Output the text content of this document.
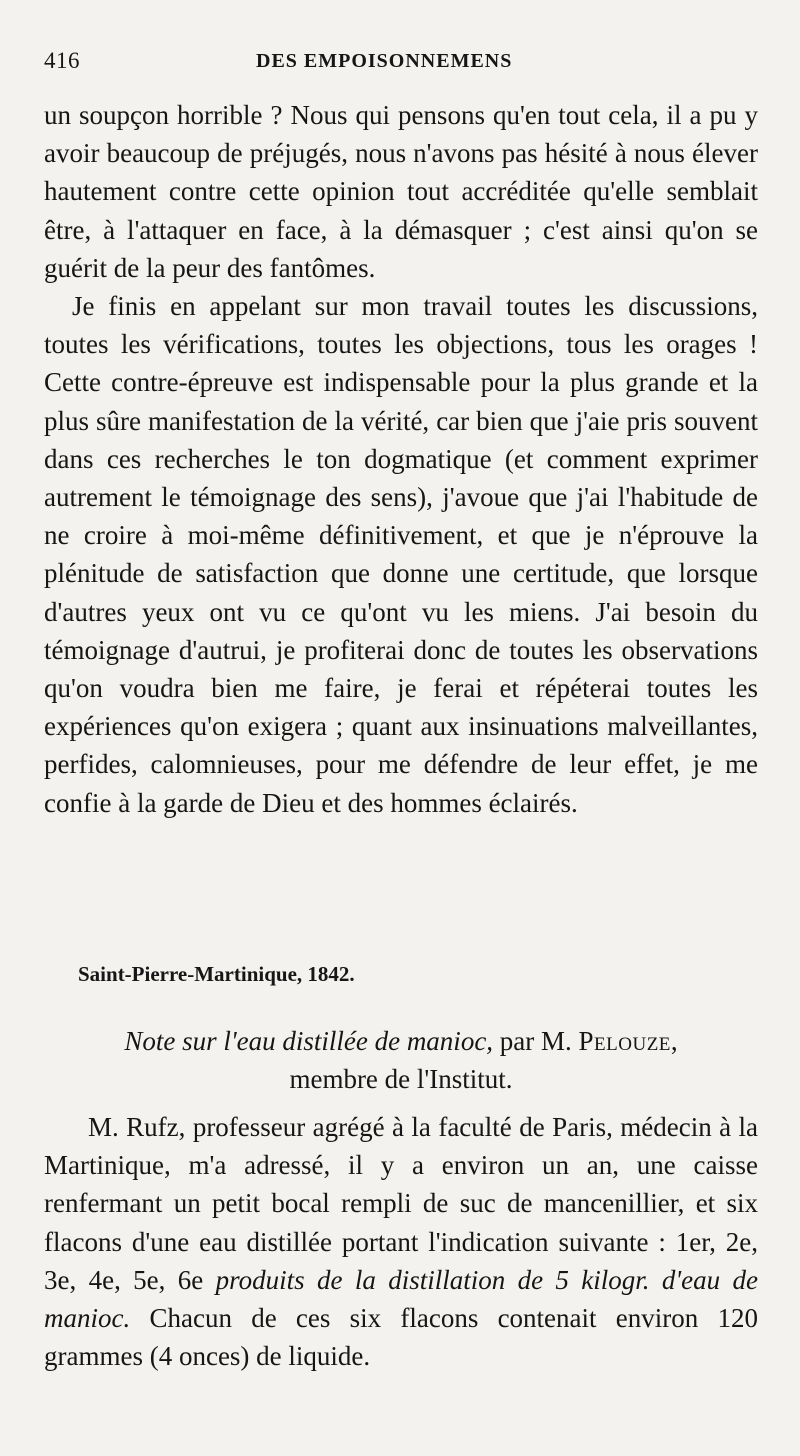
416	DES EMPOISONNEMENS

un soupçon horrible ? Nous qui pensons qu'en tout cela, il a pu y avoir beaucoup de préjugés, nous n'avons pas hésité à nous élever hautement contre cette opinion tout accréditée qu'elle semblait être, à l'attaquer en face, à la démasquer ; c'est ainsi qu'on se guérit de la peur des fantômes.

Je finis en appelant sur mon travail toutes les discussions, toutes les vérifications, toutes les objections, tous les orages ! Cette contre-épreuve est indispensable pour la plus grande et la plus sûre manifestation de la vérité, car bien que j'aie pris souvent dans ces recherches le ton dogmatique (et comment exprimer autrement le témoignage des sens), j'avoue que j'ai l'habitude de ne croire à moi-même définitivement, et que je n'éprouve la plénitude de satisfaction que donne une certitude, que lorsque d'autres yeux ont vu ce qu'ont vu les miens. J'ai besoin du témoignage d'autrui, je profiterai donc de toutes les observations qu'on voudra bien me faire, je ferai et répéterai toutes les expériences qu'on exigera ; quant aux insinuations malveillantes, perfides, calomnieuses, pour me défendre de leur effet, je me confie à la garde de Dieu et des hommes éclairés.

Saint-Pierre-Martinique, 1842.
Note sur l'eau distillée de manioc, par M. Pelouze,
membre de l'Institut.

M. Rufz, professeur agrégé à la faculté de Paris, médecin à la Martinique, m'a adressé, il y a environ un an, une caisse renfermant un petit bocal rempli de suc de mancenillier, et six flacons d'une eau distillée portant l'indication suivante : 1er, 2e, 3e, 4e, 5e, 6e produits de la distillation de 5 kilogr. d'eau de manioc. Chacun de ces six flacons contenait environ 120 grammes (4 onces) de liquide.
